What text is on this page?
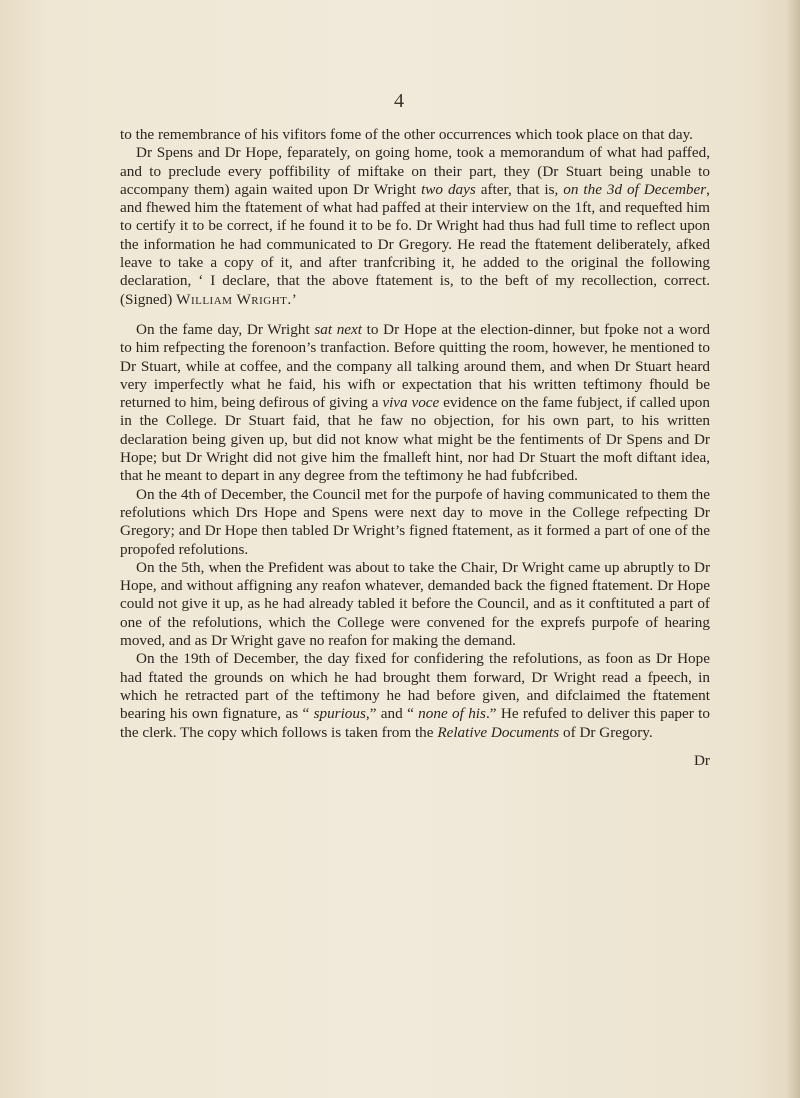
4

to the remembrance of his vifitors fome of the other occurrences which took place on that day.

Dr Spens and Dr Hope, feparately, on going home, took a memorandum of what had paffed, and to preclude every poffibility of miftake on their part, they (Dr Stuart being unable to accompany them) again waited upon Dr Wright two days after, that is, on the 3d of December, and fhewed him the ftatement of what had paffed at their interview on the 1ft, and requefted him to certify it to be correct, if he found it to be fo. Dr Wright had thus had full time to reflect upon the information he had communicated to Dr Gregory. He read the ftatement deliberately, afked leave to take a copy of it, and after tranfcribing it, he added to the original the following declaration, ‘ I declare, that the above ftatement is, to the beft of my recollection, correct. (Signed) William Wright.’

On the fame day, Dr Wright sat next to Dr Hope at the election-dinner, but fpoke not a word to him refpecting the forenoon’s tranfaction. Before quitting the room, however, he mentioned to Dr Stuart, while at coffee, and the company all talking around them, and when Dr Stuart heard very imperfectly what he faid, his wifh or expectation that his written teftimony fhould be returned to him, being defirous of giving a viva voce evidence on the fame fubject, if called upon in the College. Dr Stuart faid, that he faw no objection, for his own part, to his written declaration being given up, but did not know what might be the fentiments of Dr Spens and Dr Hope; but Dr Wright did not give him the fmalleft hint, nor had Dr Stuart the moft diftant idea, that he meant to depart in any degree from the teftimony he had fubfcribed.

On the 4th of December, the Council met for the purpofe of having communicated to them the refolutions which Drs Hope and Spens were next day to move in the College refpecting Dr Gregory; and Dr Hope then tabled Dr Wright’s figned ftatement, as it formed a part of one of the propofed refolutions.

On the 5th, when the Prefident was about to take the Chair, Dr Wright came up abruptly to Dr Hope, and without affigning any reafon whatever, demanded back the figned ftatement. Dr Hope could not give it up, as he had already tabled it before the Council, and as it conftituted a part of one of the refolutions, which the College were convened for the exprefs purpofe of hearing moved, and as Dr Wright gave no reafon for making the demand.

On the 19th of December, the day fixed for confidering the refolutions, as foon as Dr Hope had ftated the grounds on which he had brought them forward, Dr Wright read a fpeech, in which he retracted part of the teftimony he had before given, and difclaimed the ftatement bearing his own fignature, as “ spurious,” and “ none of his.” He refufed to deliver this paper to the clerk. The copy which follows is taken from the Relative Documents of Dr Gregory.

Dr
